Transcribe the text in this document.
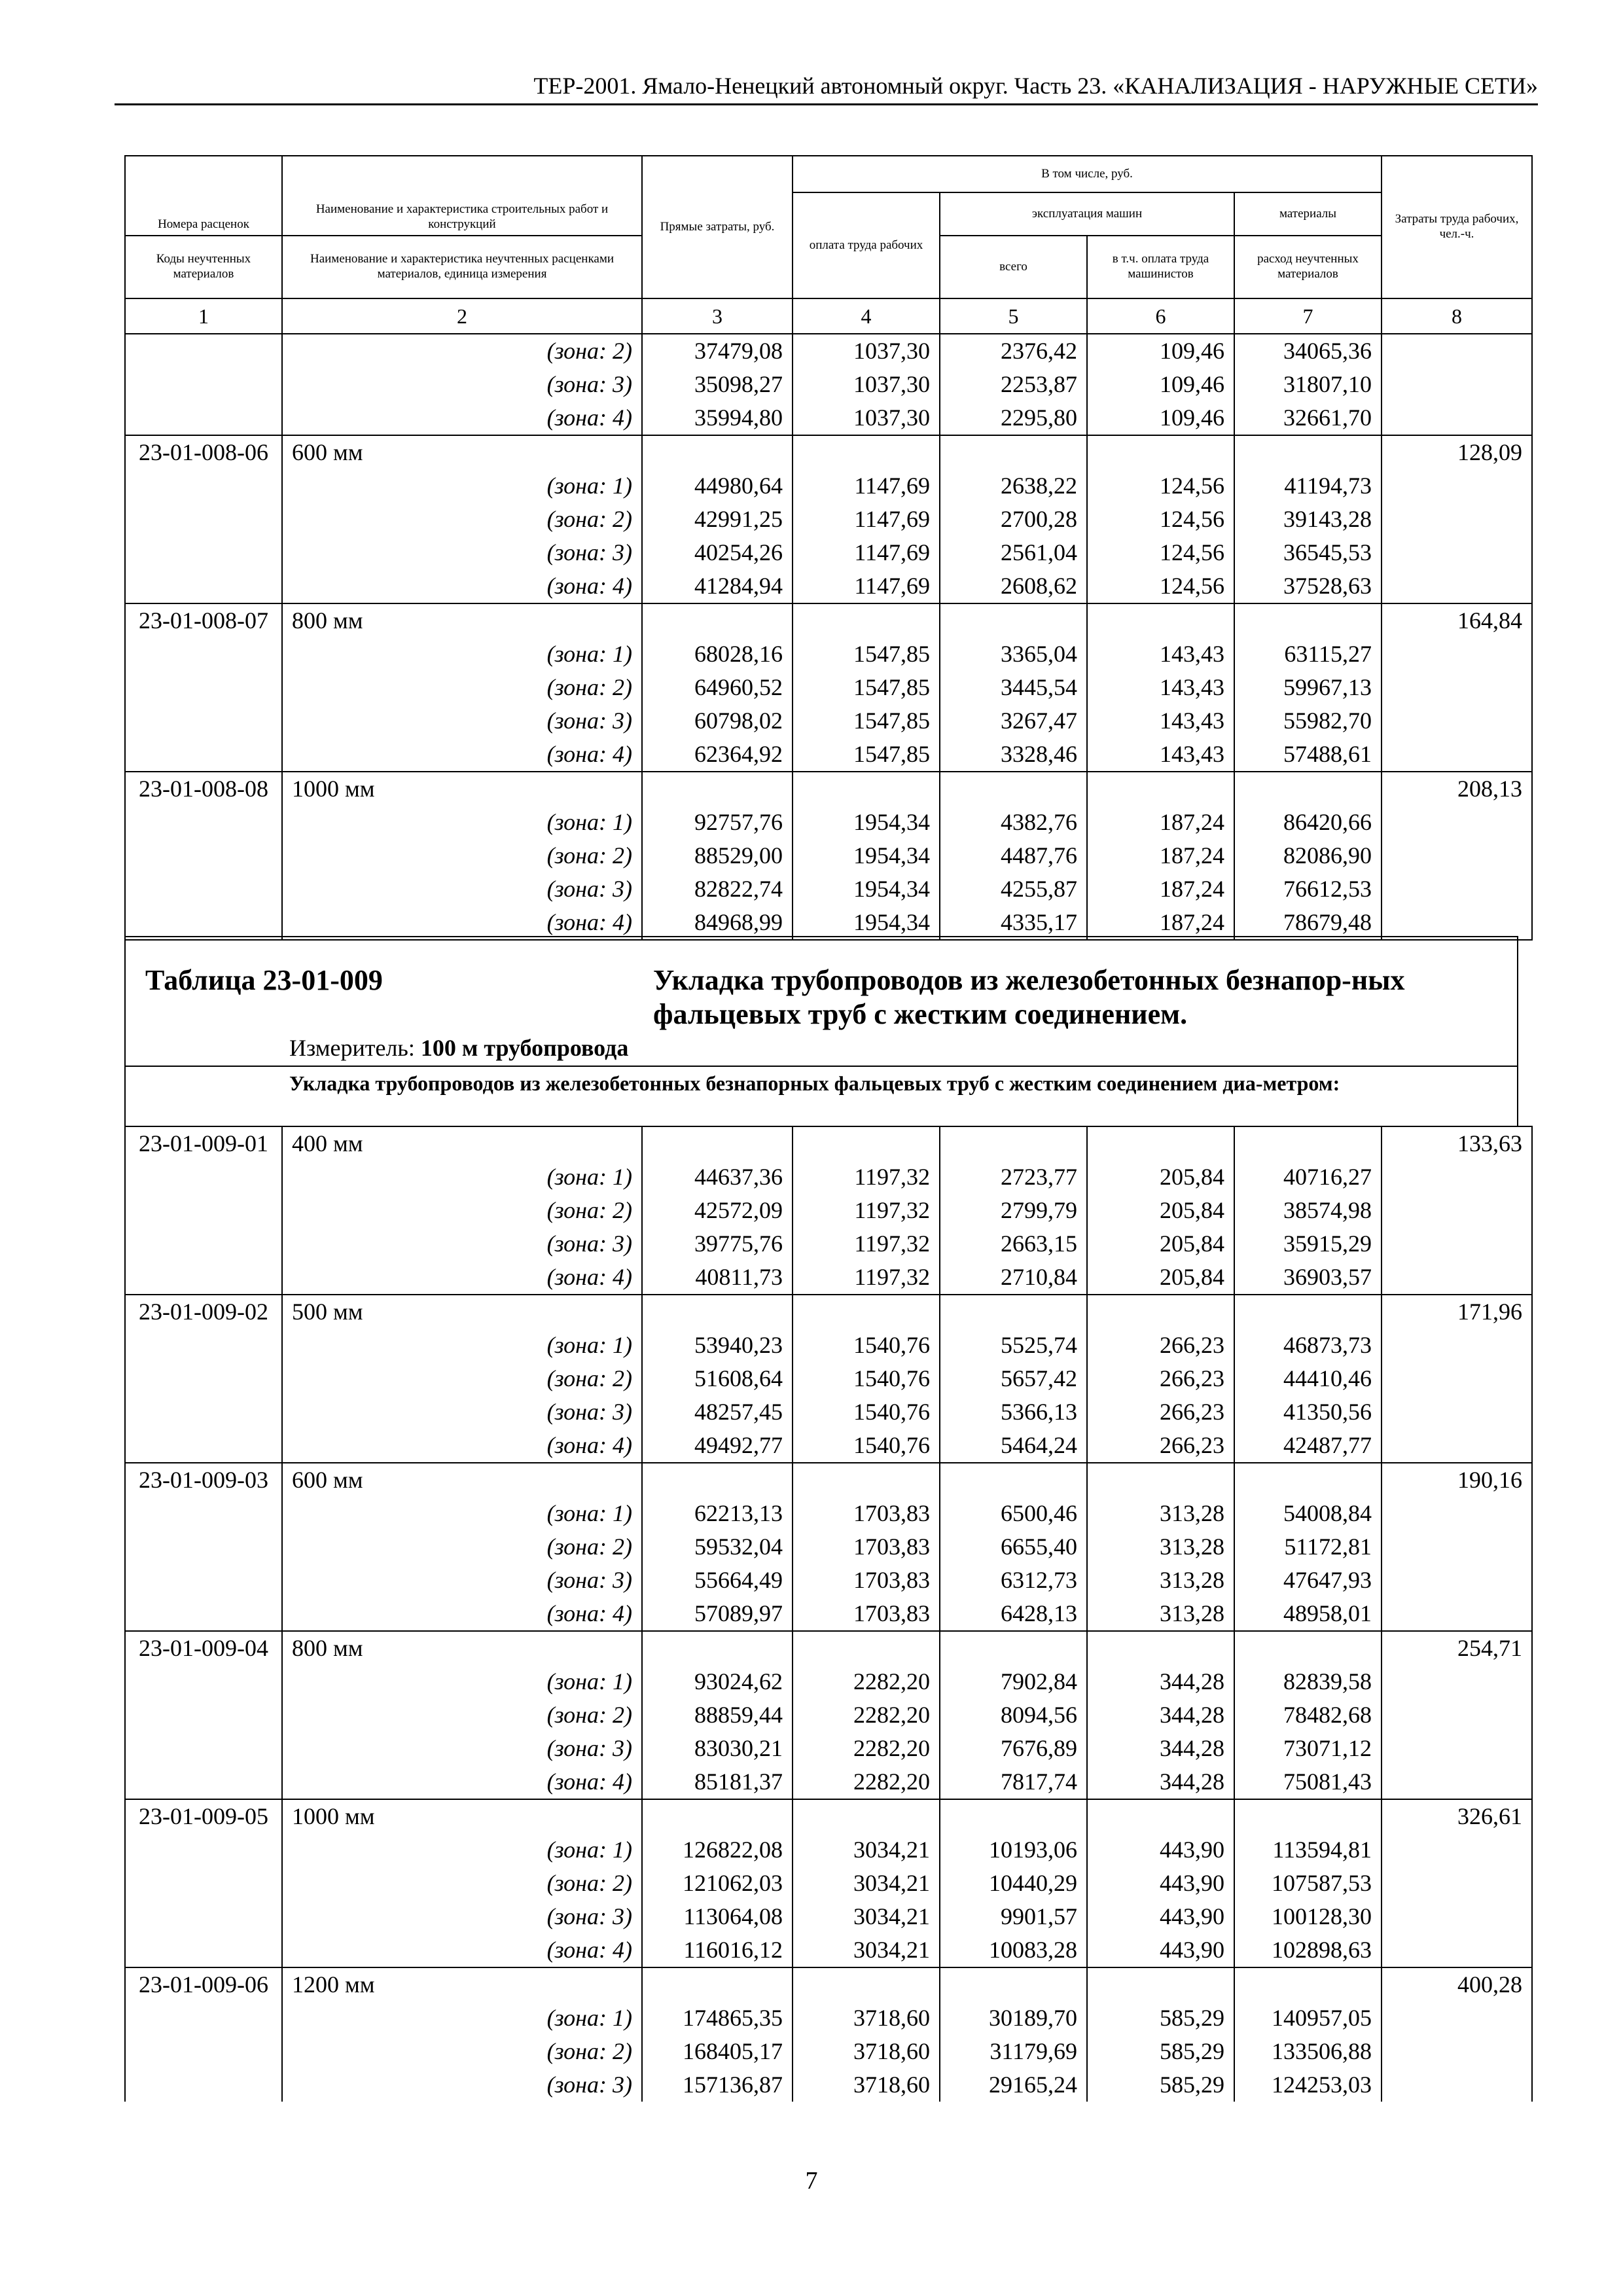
ТЕР-2001. Ямало-Ненецкий автономный округ. Часть 23. «КАНАЛИЗАЦИЯ - НАРУЖНЫЕ СЕТИ»
Номера расценок	Наименование и характеристика строительных работ и конструкций	Прямые затраты, руб.	В том числе, руб.				Затраты труда рабочих, чел.-ч.
			оплата труда рабочих	эксплуатация машин		материалы	
Коды неучтенных материалов	Наименование и характеристика неучтенных расценками материалов, единица измерения			всего	в т.ч. оплата труда машинистов	расход неучтенных материалов	
1	2	3	4	5	6	7	8
	(зона: 2)	37479,08	1037,30	2376,42	109,46	34065,36	
	(зона: 3)	35098,27	1037,30	2253,87	109,46	31807,10	
	(зона: 4)	35994,80	1037,30	2295,80	109,46	32661,70	
23-01-008-06	600 мм						128,09
	(зона: 1)	44980,64	1147,69	2638,22	124,56	41194,73	
	(зона: 2)	42991,25	1147,69	2700,28	124,56	39143,28	
	(зона: 3)	40254,26	1147,69	2561,04	124,56	36545,53	
	(зона: 4)	41284,94	1147,69	2608,62	124,56	37528,63	
23-01-008-07	800 мм						164,84
	(зона: 1)	68028,16	1547,85	3365,04	143,43	63115,27	
	(зона: 2)	64960,52	1547,85	3445,54	143,43	59967,13	
	(зона: 3)	60798,02	1547,85	3267,47	143,43	55982,70	
	(зона: 4)	62364,92	1547,85	3328,46	143,43	57488,61	
23-01-008-08	1000 мм						208,13
	(зона: 1)	92757,76	1954,34	4382,76	187,24	86420,66	
	(зона: 2)	88529,00	1954,34	4487,76	187,24	82086,90	
	(зона: 3)	82822,74	1954,34	4255,87	187,24	76612,53	
	(зона: 4)	84968,99	1954,34	4335,17	187,24	78679,48	
Таблица 23-01-009	Укладка трубопроводов из железобетонных безнапор-ных фальцевых труб с жестким соединением.
Измеритель: 100 м трубопровода
Укладка трубопроводов из железобетонных безнапорных фальцевых труб с жестким соединением диа-метром:
23-01-009-01	400 мм						133,63
	(зона: 1)	44637,36	1197,32	2723,77	205,84	40716,27	
	(зона: 2)	42572,09	1197,32	2799,79	205,84	38574,98	
	(зона: 3)	39775,76	1197,32	2663,15	205,84	35915,29	
	(зона: 4)	40811,73	1197,32	2710,84	205,84	36903,57	
23-01-009-02	500 мм						171,96
	(зона: 1)	53940,23	1540,76	5525,74	266,23	46873,73	
	(зона: 2)	51608,64	1540,76	5657,42	266,23	44410,46	
	(зона: 3)	48257,45	1540,76	5366,13	266,23	41350,56	
	(зона: 4)	49492,77	1540,76	5464,24	266,23	42487,77	
23-01-009-03	600 мм						190,16
	(зона: 1)	62213,13	1703,83	6500,46	313,28	54008,84	
	(зона: 2)	59532,04	1703,83	6655,40	313,28	51172,81	
	(зона: 3)	55664,49	1703,83	6312,73	313,28	47647,93	
	(зона: 4)	57089,97	1703,83	6428,13	313,28	48958,01	
23-01-009-04	800 мм						254,71
	(зона: 1)	93024,62	2282,20	7902,84	344,28	82839,58	
	(зона: 2)	88859,44	2282,20	8094,56	344,28	78482,68	
	(зона: 3)	83030,21	2282,20	7676,89	344,28	73071,12	
	(зона: 4)	85181,37	2282,20	7817,74	344,28	75081,43	
23-01-009-05	1000 мм						326,61
	(зона: 1)	126822,08	3034,21	10193,06	443,90	113594,81	
	(зона: 2)	121062,03	3034,21	10440,29	443,90	107587,53	
	(зона: 3)	113064,08	3034,21	9901,57	443,90	100128,30	
	(зона: 4)	116016,12	3034,21	10083,28	443,90	102898,63	
23-01-009-06	1200 мм						400,28
	(зона: 1)	174865,35	3718,60	30189,70	585,29	140957,05	
	(зона: 2)	168405,17	3718,60	31179,69	585,29	133506,88	
	(зона: 3)	157136,87	3718,60	29165,24	585,29	124253,03	
7
